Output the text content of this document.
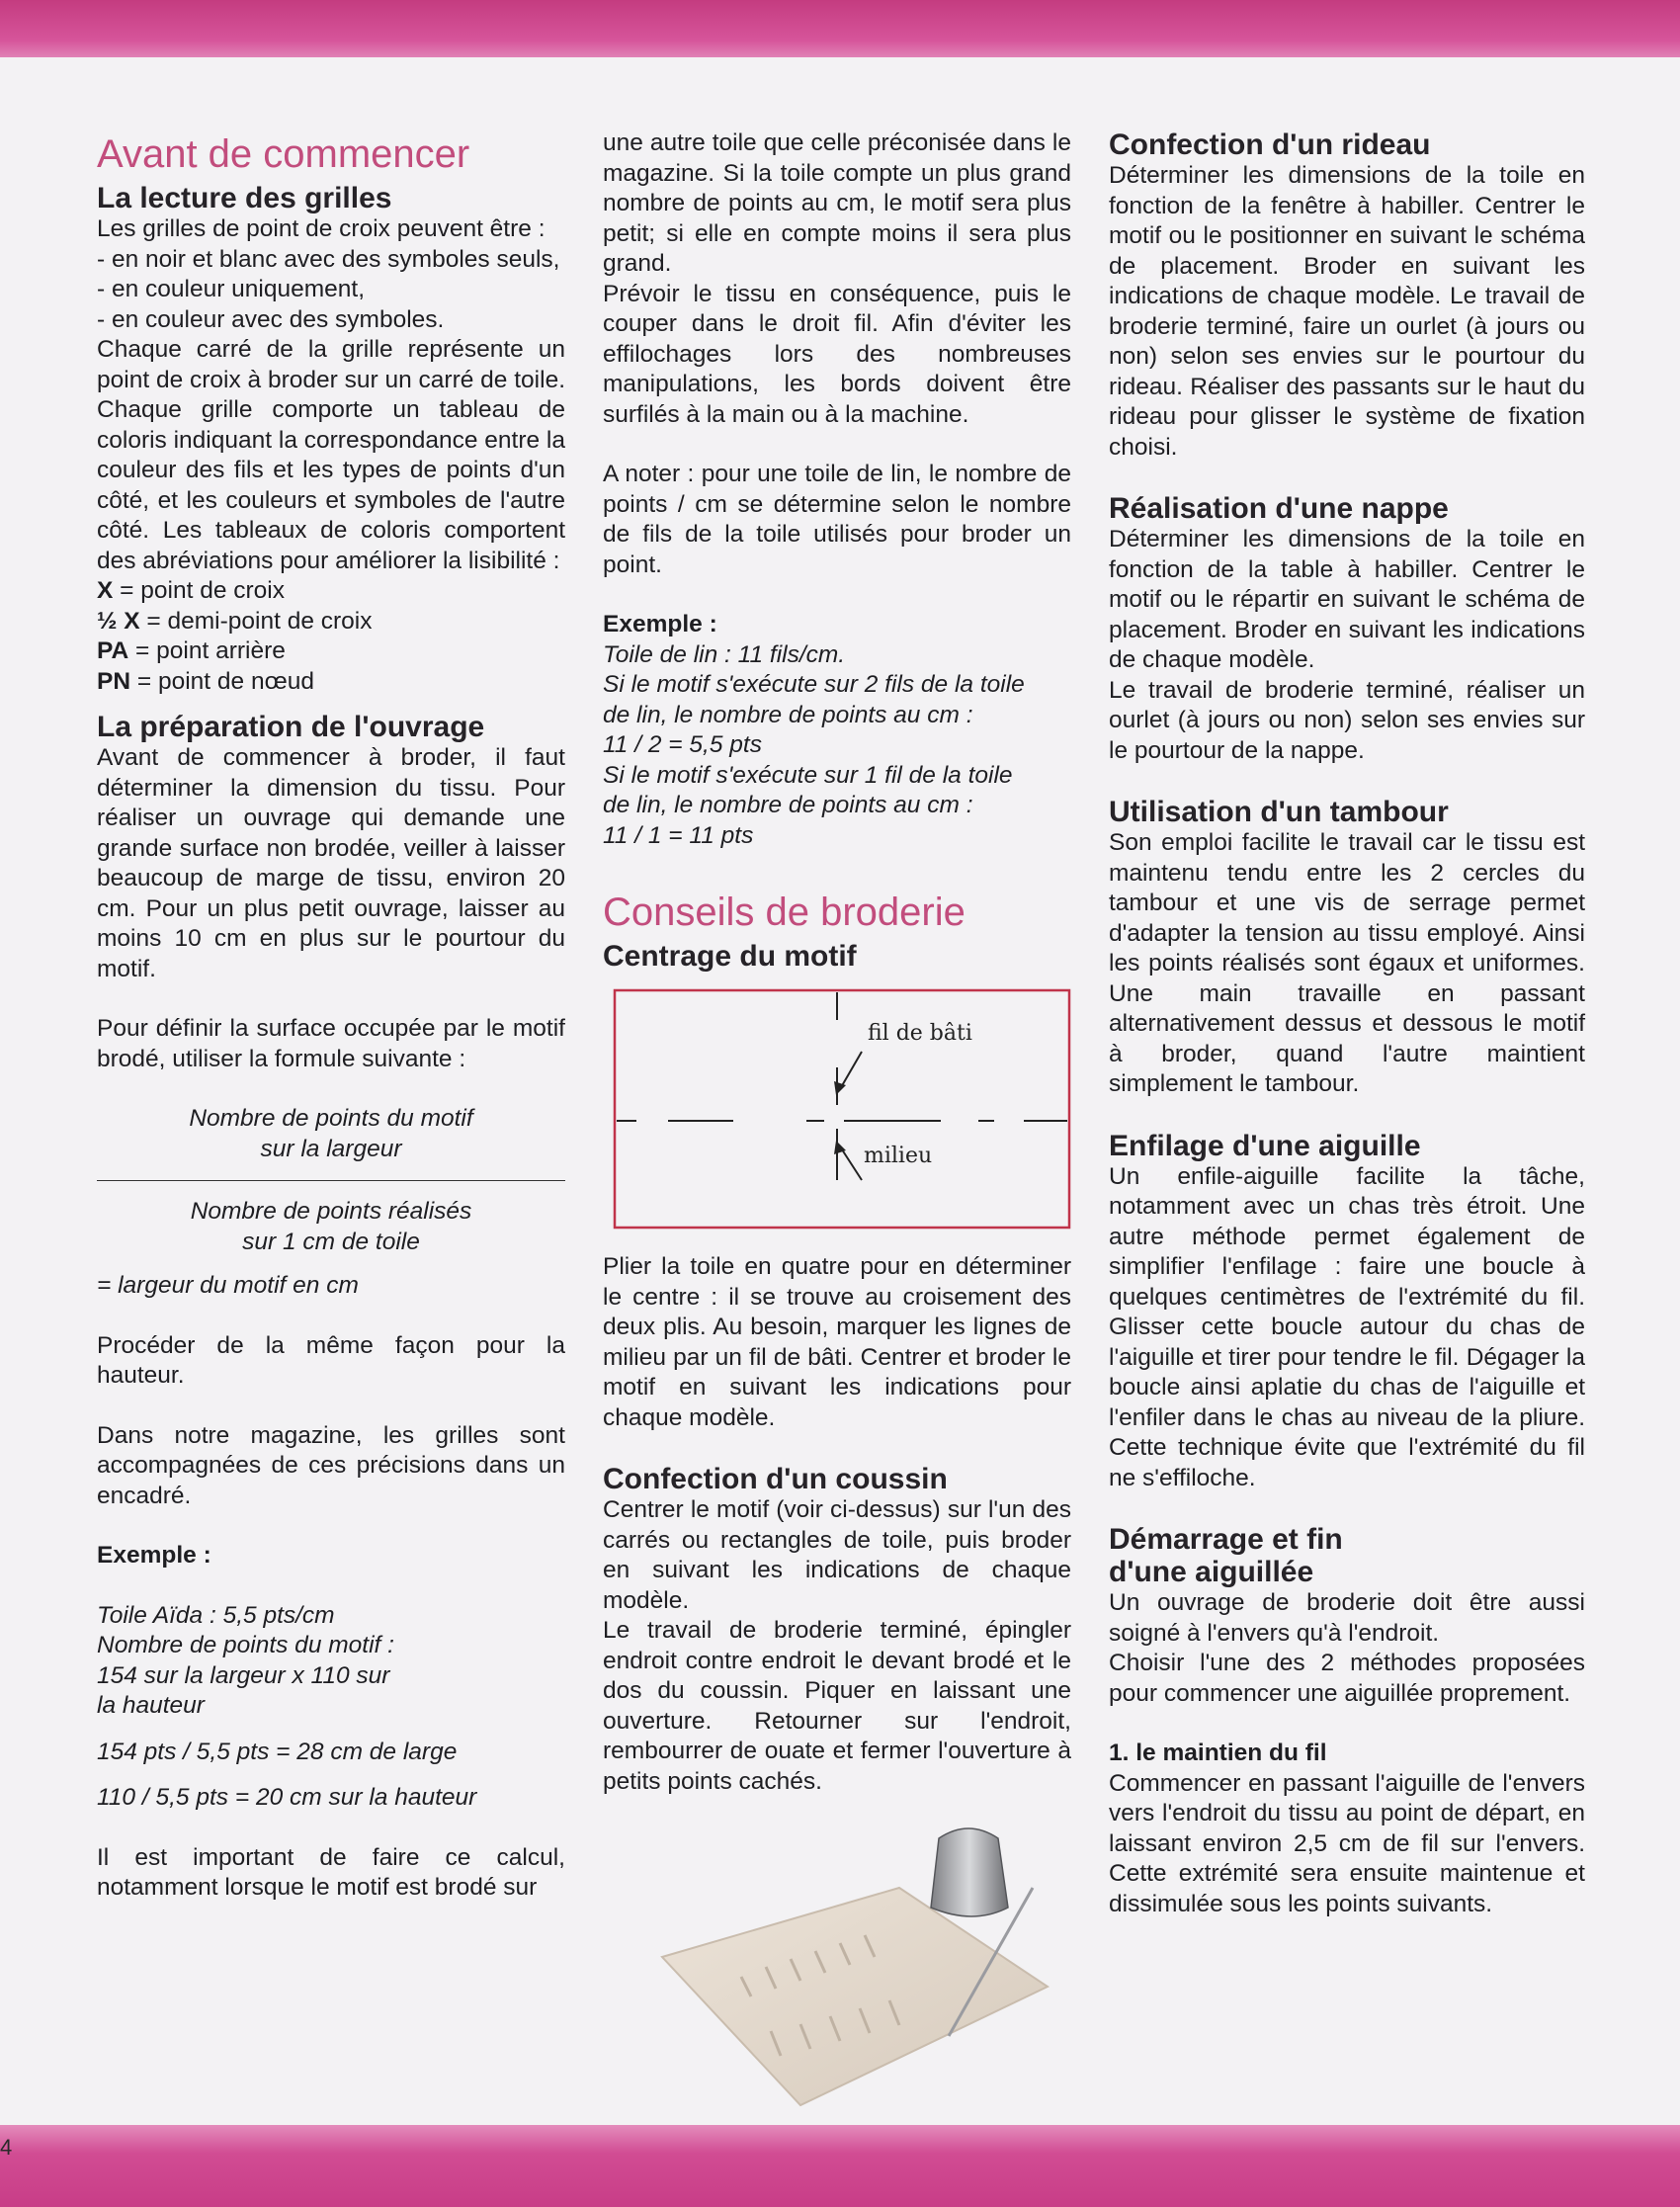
Avant de commencer
La lecture des grilles

Les grilles de point de croix peuvent être :

- en noir et blanc avec des symboles seuls,
- en couleur uniquement,
- en couleur avec des symboles.

Chaque carré de la grille représente un point de croix à broder sur un carré de toile. Chaque grille comporte un tableau de coloris indiquant la correspondance entre la couleur des fils et les types de points d'un côté, et les couleurs et symboles de l'autre côté. Les tableaux de coloris comportent des abréviations pour améliorer la lisibilité :

X = point de croix
½ X = demi-point de croix
PA = point arrière
PN = point de nœud
La préparation de l'ouvrage

Avant de commencer à broder, il faut déterminer la dimension du tissu. Pour réaliser un ouvrage qui demande une grande surface non brodée, veiller à laisser beaucoup de marge de tissu, environ 20 cm. Pour un plus petit ouvrage, laisser au moins 10 cm en plus sur le pourtour du motif.

Pour définir la surface occupée par le motif brodé, utiliser la formule suivante :

Nombre de points du motif
sur la largeur
Nombre de points réalisés
sur 1 cm de toile
= largeur du motif en cm

Procéder de la même façon pour la hauteur.

Dans notre magazine, les grilles sont accompagnées de ces précisions dans un encadré.

Exemple :
Toile Aïda : 5,5 pts/cm
Nombre de points du motif :
154 sur la largeur x 110 sur
la hauteur
154 pts / 5,5 pts = 28 cm de large
110 / 5,5 pts = 20 cm sur la hauteur

Il est important de faire ce calcul, notamment lorsque le motif est brodé sur

une autre toile que celle préconisée dans le magazine. Si la toile compte un plus grand nombre de points au cm, le motif sera plus petit; si elle en compte moins il sera plus grand.

Prévoir le tissu en conséquence, puis le couper dans le droit fil. Afin d'éviter les effilochages lors des nombreuses manipulations, les bords doivent être surfilés à la main ou à la machine.

A noter : pour une toile de lin, le nombre de points / cm se détermine selon le nombre de fils de la toile utilisés pour broder un point.

Exemple :
Toile de lin : 11 fils/cm.
Si le motif s'exécute sur 2 fils de la toile
de lin, le nombre de points au cm :
11 / 2 = 5,5 pts
Si le motif s'exécute sur 1 fil de la toile
de lin, le nombre de points au cm :
11 / 1 = 11 pts
Conseils de broderie
Centrage du motif
fil de bâti
milieu

Plier la toile en quatre pour en déterminer le centre : il se trouve au croisement des deux plis. Au besoin, marquer les lignes de milieu par un fil de bâti. Centrer et broder le motif en suivant les indications pour chaque modèle.

Confection d'un coussin

Centrer le motif (voir ci-dessus) sur l'un des carrés ou rectangles de toile, puis broder en suivant les indications de chaque modèle.

Le travail de broderie terminé, épingler endroit contre endroit le devant brodé et le dos du coussin. Piquer en laissant une ouverture. Retourner sur l'endroit, rembourrer de ouate et fermer l'ouverture à petits points cachés.

Confection d'un rideau

Déterminer les dimensions de la toile en fonction de la fenêtre à habiller. Centrer le motif ou le positionner en suivant le schéma de placement. Broder en suivant les indications de chaque modèle. Le travail de broderie terminé, faire un ourlet (à jours ou non) selon ses envies sur le pourtour du rideau. Réaliser des passants sur le haut du rideau pour glisser le système de fixation choisi.

Réalisation d'une nappe

Déterminer les dimensions de la toile en fonction de la table à habiller. Centrer le motif ou le répartir en suivant le schéma de placement. Broder en suivant les indications de chaque modèle.

Le travail de broderie terminé, réaliser un ourlet (à jours ou non) selon ses envies sur le pourtour de la nappe.

Utilisation d'un tambour

Son emploi facilite le travail car le tissu est maintenu tendu entre les 2 cercles du tambour et une vis de serrage permet d'adapter la tension au tissu employé. Ainsi les points réalisés sont égaux et uniformes. Une main travaille en passant alternativement dessus et dessous le motif à broder, quand l'autre maintient simplement le tambour.

Enfilage d'une aiguille

Un enfile-aiguille facilite la tâche, notamment avec un chas très étroit. Une autre méthode permet également de simplifier l'enfilage : faire une boucle à quelques centimètres de l'extrémité du fil. Glisser cette boucle autour du chas de l'aiguille et tirer pour tendre le fil. Dégager la boucle ainsi aplatie du chas de l'aiguille et l'enfiler dans le chas au niveau de la pliure. Cette technique évite que l'extrémité du fil ne s'effiloche.

Démarrage et fin
d'une aiguillée

Un ouvrage de broderie doit être aussi soigné à l'envers qu'à l'endroit.

Choisir l'une des 2 méthodes proposées pour commencer une aiguillée proprement.

1. le maintien du fil

Commencer en passant l'aiguille de l'envers vers l'endroit du tissu au point de départ, en laissant environ 2,5 cm de fil sur l'envers. Cette extrémité sera ensuite maintenue et dissimulée sous les points suivants.

4
